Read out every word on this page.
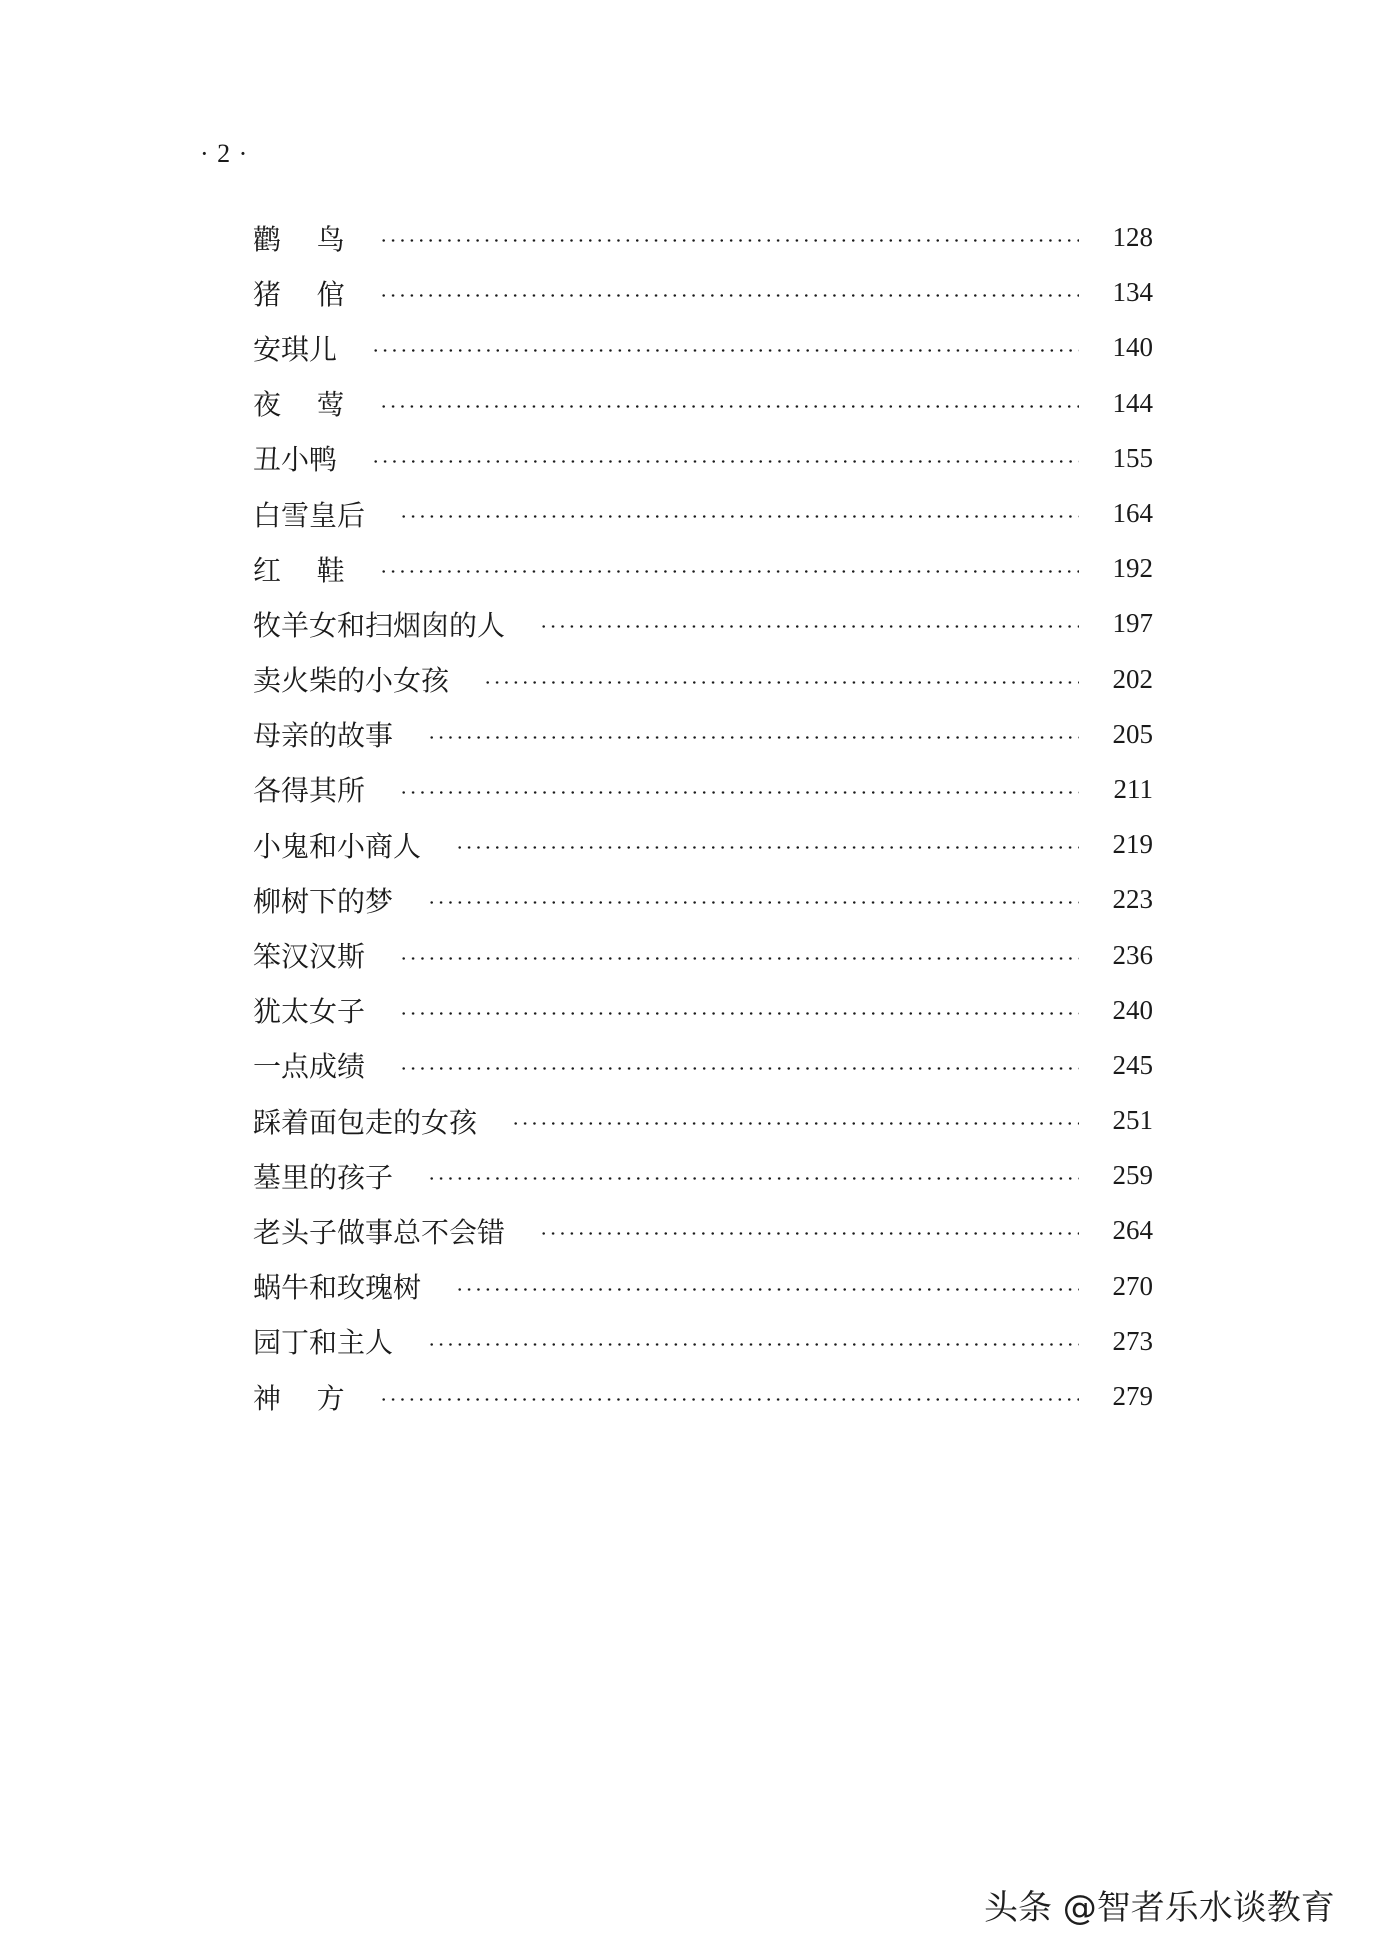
· 2 ·
鹳    鸟	128
猪    倌	134
安琪儿	140
夜    莺	144
丑小鸭	155
白雪皇后	164
红    鞋	192
牧羊女和扫烟囱的人	197
卖火柴的小女孩	202
母亲的故事	205
各得其所	211
小鬼和小商人	219
柳树下的梦	223
笨汉汉斯	236
犹太女子	240
一点成绩	245
踩着面包走的女孩	251
墓里的孩子	259
老头子做事总不会错	264
蜗牛和玫瑰树	270
园丁和主人	273
神    方	279
头条 @智者乐水谈教育
